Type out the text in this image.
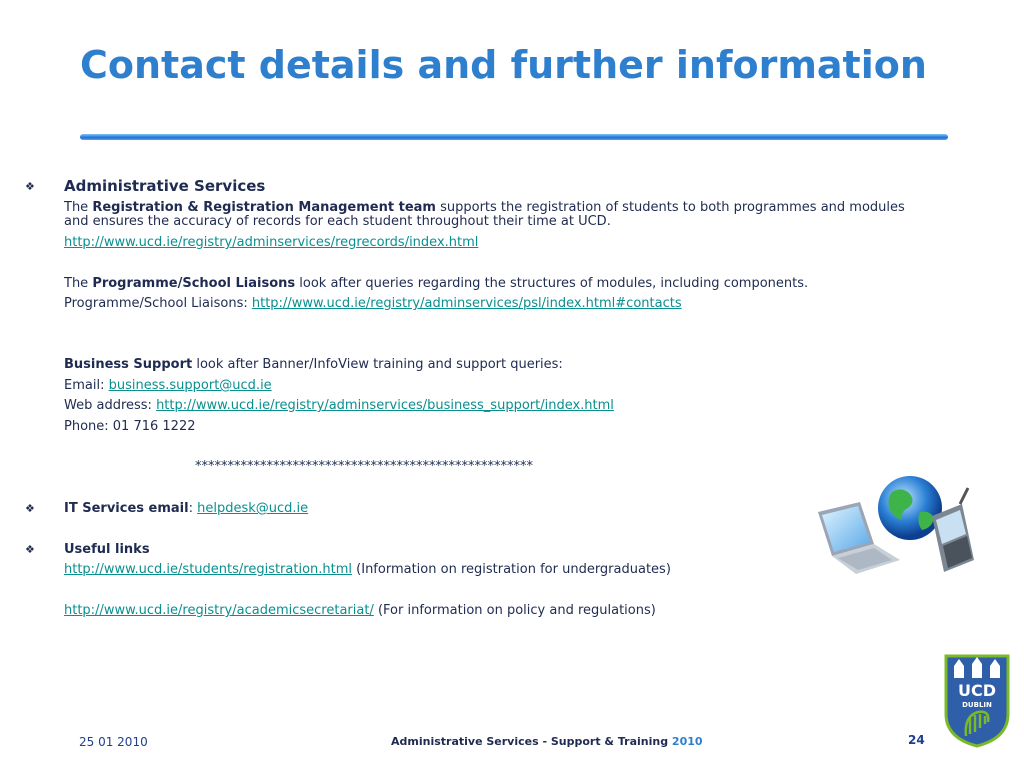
Contact details and further information
❖ Administrative Services
The Registration & Registration Management team supports the registration of students to both programmes and modules
and ensures the accuracy of records for each student throughout their time at UCD.
http://www.ucd.ie/registry/adminservices/regrecords/index.html
The Programme/School Liaisons look after queries regarding the structures of modules, including components.
Programme/School Liaisons: http://www.ucd.ie/registry/adminservices/psl/index.html#contacts
Business Support look after Banner/InfoView training and support queries:
Email: business.support@ucd.ie
Web address: http://www.ucd.ie/registry/adminservices/business_support/index.html
Phone: 01 716 1222
****************************************************
❖ IT Services email: helpdesk@ucd.ie
❖ Useful links
http://www.ucd.ie/students/registration.html (Information on registration for undergraduates)
http://www.ucd.ie/registry/academicsecretariat/ (For information on policy and regulations)
UCD
DUBLIN
25 01 2010	Administrative Services - Support & Training 2010	24
